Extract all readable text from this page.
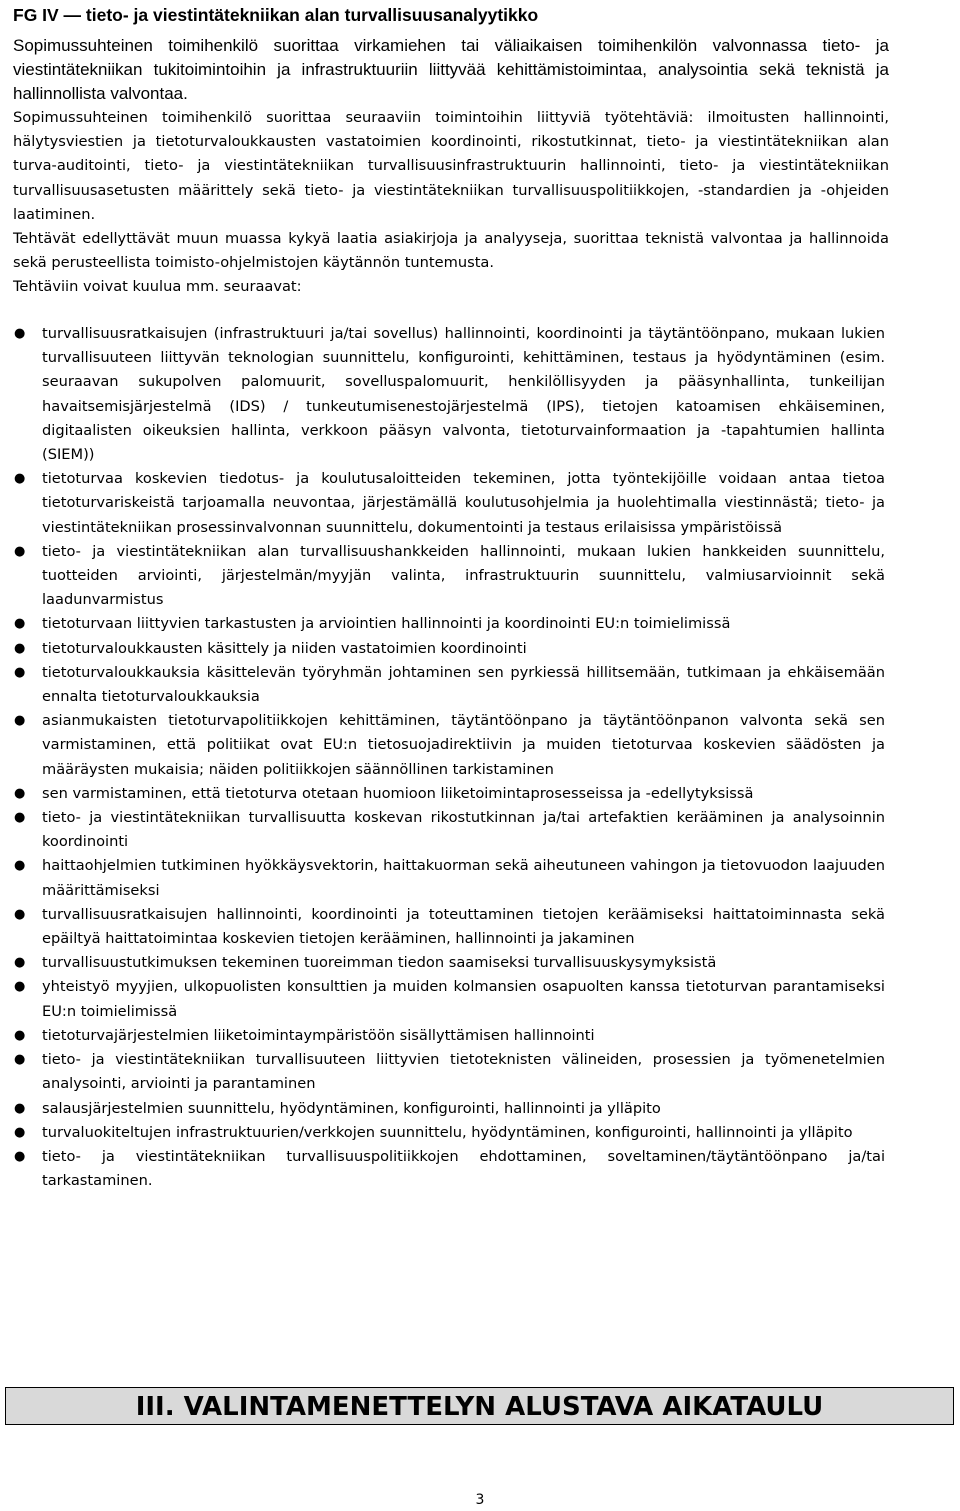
FG IV — tieto- ja viestintätekniikan alan turvallisuusanalyytikko
Sopimussuhteinen toimihenkilö suorittaa virkamiehen tai väliaikaisen toimihenkilön valvonnassa tieto- ja viestintätekniikan tukitoimintoihin ja infrastruktuuriin liittyvää kehittämistoimintaa, analysointia sekä teknistä ja hallinnollista valvontaa.

Sopimussuhteinen toimihenkilö suorittaa seuraaviin toimintoihin liittyviä työtehtäviä: ilmoitusten hallinnointi, hälytysviestien ja tietoturvaloukkausten vastatoimien koordinointi, rikostutkinnat, tieto- ja viestintätekniikan alan turva-auditointi, tieto- ja viestintätekniikan turvallisuusinfrastruktuurin hallinnointi, tieto- ja viestintätekniikan turvallisuusasetusten määrittely sekä tieto- ja viestintätekniikan turvallisuuspolitiikkojen, -standardien ja -ohjeiden laatiminen.

Tehtävät edellyttävät muun muassa kykyä laatia asiakirjoja ja analyyseja, suorittaa teknistä valvontaa ja hallinnoida sekä perusteellista toimisto-ohjelmistojen käytännön tuntemusta.

Tehtäviin voivat kuulua mm. seuraavat:

● turvallisuusratkaisujen (infrastruktuuri ja/tai sovellus) hallinnointi, koordinointi ja täytäntöönpano, mukaan lukien turvallisuuteen liittyvän teknologian suunnittelu, konfigurointi, kehittäminen, testaus ja hyödyntäminen (esim. seuraavan sukupolven palomuurit, sovelluspalomuurit, henkilöllisyyden ja pääsynhallinta, tunkeilijan havaitsemisjärjestelmä (IDS) / tunkeutumisenestojärjestelmä (IPS), tietojen katoamisen ehkäiseminen, digitaalisten oikeuksien hallinta, verkkoon pääsyn valvonta, tietoturvainformaation ja -tapahtumien hallinta (SIEM))
● tietoturvaa koskevien tiedotus- ja koulutusaloitteiden tekeminen, jotta työntekijöille voidaan antaa tietoa tietoturvariskeistä tarjoamalla neuvontaa, järjestämällä koulutusohjelmia ja huolehtimalla viestinnästä; tieto- ja viestintätekniikan prosessinvalvonnan suunnittelu, dokumentointi ja testaus erilaisissa ympäristöissä
● tieto- ja viestintätekniikan alan turvallisuushankkeiden hallinnointi, mukaan lukien hankkeiden suunnittelu, tuotteiden arviointi, järjestelmän/myyjän valinta, infrastruktuurin suunnittelu, valmiusarvioinnit sekä laadunvarmistus
● tietoturvaan liittyvien tarkastusten ja arviointien hallinnointi ja koordinointi EU:n toimielimissä
● tietoturvaloukkausten käsittely ja niiden vastatoimien koordinointi
● tietoturvaloukkauksia käsittelevän työryhmän johtaminen sen pyrkiessä hillitsemään, tutkimaan ja ehkäisemään ennalta tietoturvaloukkauksia
● asianmukaisten tietoturvapolitiikkojen kehittäminen, täytäntöönpano ja täytäntöönpanon valvonta sekä sen varmistaminen, että politiikat ovat EU:n tietosuojadirektiivin ja muiden tietoturvaa koskevien säädösten ja määräysten mukaisia; näiden politiikkojen säännöllinen tarkistaminen
● sen varmistaminen, että tietoturva otetaan huomioon liiketoimintaprosesseissa ja -edellytyksissä
● tieto- ja viestintätekniikan turvallisuutta koskevan rikostutkinnan ja/tai artefaktien kerääminen ja analysoinnin koordinointi
● haittaohjelmien tutkiminen hyökkäysvektorin, haittakuorman sekä aiheutuneen vahingon ja tietovuodon laajuuden määrittämiseksi
● turvallisuusratkaisujen hallinnointi, koordinointi ja toteuttaminen tietojen keräämiseksi haittatoiminnasta sekä epäiltyä haittatoimintaa koskevien tietojen kerääminen, hallinnointi ja jakaminen
● turvallisuustutkimuksen tekeminen tuoreimman tiedon saamiseksi turvallisuuskysymyksistä
● yhteistyö myyjien, ulkopuolisten konsulttien ja muiden kolmansien osapuolten kanssa tietoturvan parantamiseksi EU:n toimielimissä
● tietoturvajärjestelmien liiketoimintaympäristöön sisällyttämisen hallinnointi
● tieto- ja viestintätekniikan turvallisuuteen liittyvien tietoteknisten välineiden, prosessien ja työmenetelmien analysointi, arviointi ja parantaminen
● salausjärjestelmien suunnittelu, hyödyntäminen, konfigurointi, hallinnointi ja ylläpito
● turvaluokiteltujen infrastruktuurien/verkkojen suunnittelu, hyödyntäminen, konfigurointi, hallinnointi ja ylläpito
● tieto- ja viestintätekniikan turvallisuuspolitiikkojen ehdottaminen, soveltaminen/täytäntöönpano ja/tai tarkastaminen.
III. VALINTAMENETTELYN ALUSTAVA AIKATAULU
3
